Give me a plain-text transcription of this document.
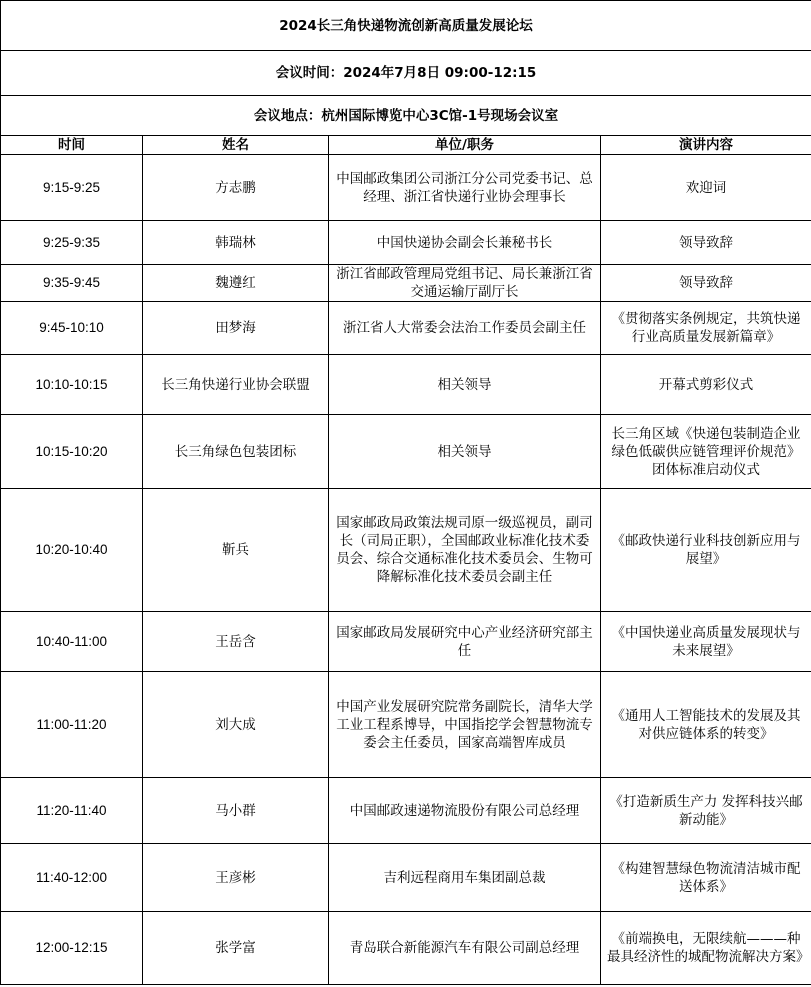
2024长三角快递物流创新高质量发展论坛			
会议时间：2024年7月8日 09:00-12:15			
会议地点：杭州国际博览中心3C馆-1号现场会议室			
时间	姓名	单位/职务	演讲内容
9:15-9:25	方志鹏	中国邮政集团公司浙江分公司党委书记、总经理、浙江省快递行业协会理事长	欢迎词
9:25-9:35	韩瑞林	中国快递协会副会长兼秘书长	领导致辞
9:35-9:45	魏遵红	浙江省邮政管理局党组书记、局长兼浙江省交通运输厅副厅长	领导致辞
9:45-10:10	田梦海	浙江省人大常委会法治工作委员会副主任	《贯彻落实条例规定，共筑快递行业高质量发展新篇章》
10:10-10:15	长三角快递行业协会联盟	相关领导	开幕式剪彩仪式
10:15-10:20	长三角绿色包装团标	相关领导	长三角区域《快递包装制造企业绿色低碳供应链管理评价规范》团体标准启动仪式
10:20-10:40	靳兵	国家邮政局政策法规司原一级巡视员，副司长（司局正职），全国邮政业标准化技术委员会、综合交通标准化技术委员会、生物可降解标准化技术委员会副主任	《邮政快递行业科技创新应用与展望》
10:40-11:00	王岳含	国家邮政局发展研究中心产业经济研究部主任	《中国快递业高质量发展现状与未来展望》
11:00-11:20	刘大成	中国产业发展研究院常务副院长，清华大学工业工程系博导，中国指挖学会智慧物流专委会主任委员，国家高端智库成员	《通用人工智能技术的发展及其对供应链体系的转变》
11:20-11:40	马小群	中国邮政速递物流股份有限公司总经理	《打造新质生产力 发挥科技兴邮新动能》
11:40-12:00	王彦彬	吉利远程商用车集团副总裁	《构建智慧绿色物流清洁城市配送体系》
12:00-12:15	张学富	青岛联合新能源汽车有限公司副总经理	《前端换电，无限续航———种最具经济性的城配物流解决方案》
